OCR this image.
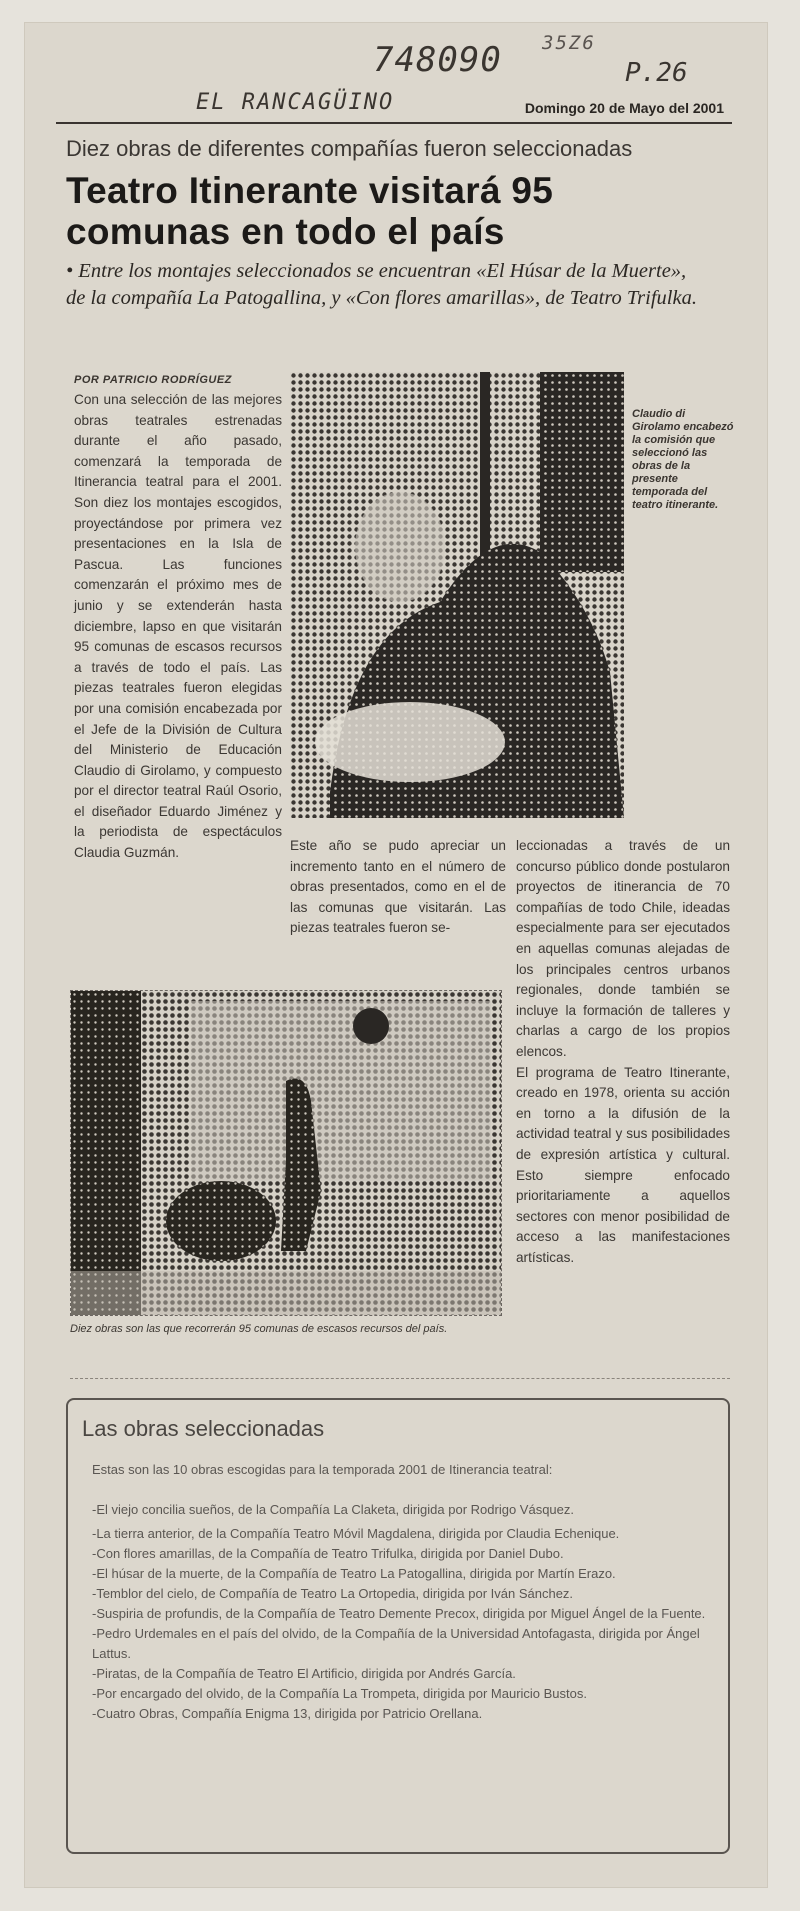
748090 35Z6
P.26
EL RANCAGÜINO	Domingo 20 de Mayo del 2001
Diez obras de diferentes compañías fueron seleccionadas
Teatro Itinerante visitará 95 comunas en todo el país
• Entre los montajes seleccionados se encuentran «El Húsar de la Muerte», de la compañía La Patogallina, y «Con flores amarillas», de Teatro Trifulka.
POR PATRICIO RODRÍGUEZ
Con una selección de las mejores obras teatrales estrenadas durante el año pasado, comenzará la temporada de Itinerancia teatral para el 2001. Son diez los montajes escogidos, proyectándose por primera vez presentaciones en la Isla de Pascua. Las funciones comenzarán el próximo mes de junio y se extenderán hasta diciembre, lapso en que visitarán 95 comunas de escasos recursos a través de todo el país. Las piezas teatrales fueron elegidas por una comisión encabezada por el Jefe de la División de Cultura del Ministerio de Educación Claudio di Girolamo, y compuesto por el director teatral Raúl Osorio, el diseñador Eduardo Jiménez y la periodista de espectáculos Claudia Guzmán.
Claudio di Girolamo encabezó la comisión que seleccionó las obras de la presente temporada del teatro itinerante.
Este año se pudo apreciar un incremento tanto en el número de obras presentados, como en el de las comunas que visitarán. Las piezas teatrales fueron se-
leccionadas a través de un concurso público donde postularon proyectos de itinerancia de 70 compañías de todo Chile, ideadas especialmente para ser ejecutados en aquellas comunas alejadas de los principales centros urbanos regionales, donde también se incluye la formación de talleres y charlas a cargo de los propios elencos.
El programa de Teatro Itinerante, creado en 1978, orienta su acción en torno a la difusión de la actividad teatral y sus posibilidades de expresión artística y cultural. Esto siempre enfocado prioritariamente a aquellos sectores con menor posibilidad de acceso a las manifestaciones artísticas.
Diez obras son las que recorrerán 95 comunas de escasos recursos del país.
Las obras seleccionadas
Estas son las 10 obras escogidas para la temporada 2001 de Itinerancia teatral:
-El viejo concilia sueños, de la Compañía La Claketa, dirigida por Rodrigo Vásquez.
-La tierra anterior, de la Compañía Teatro Móvil Magdalena, dirigida por Claudia Echenique.
-Con flores amarillas, de la Compañía de Teatro Trifulka, dirigida por Daniel Dubo.
-El húsar de la muerte, de la Compañía de Teatro La Patogallina, dirigida por Martín Erazo.
-Temblor del cielo, de Compañía de Teatro La Ortopedia, dirigida por Iván Sánchez.
-Suspiria de profundis, de la Compañía de Teatro Demente Precox, dirigida por Miguel Ángel de la Fuente.
-Pedro Urdemales en el país del olvido, de la Compañía de la Universidad Antofagasta, dirigida por Ángel Lattus.
-Piratas, de la Compañía de Teatro El Artificio, dirigida por Andrés García.
-Por encargado del olvido, de la Compañía La Trompeta, dirigida por Mauricio Bustos.
-Cuatro Obras, Compañía Enigma 13, dirigida por Patricio Orellana.
